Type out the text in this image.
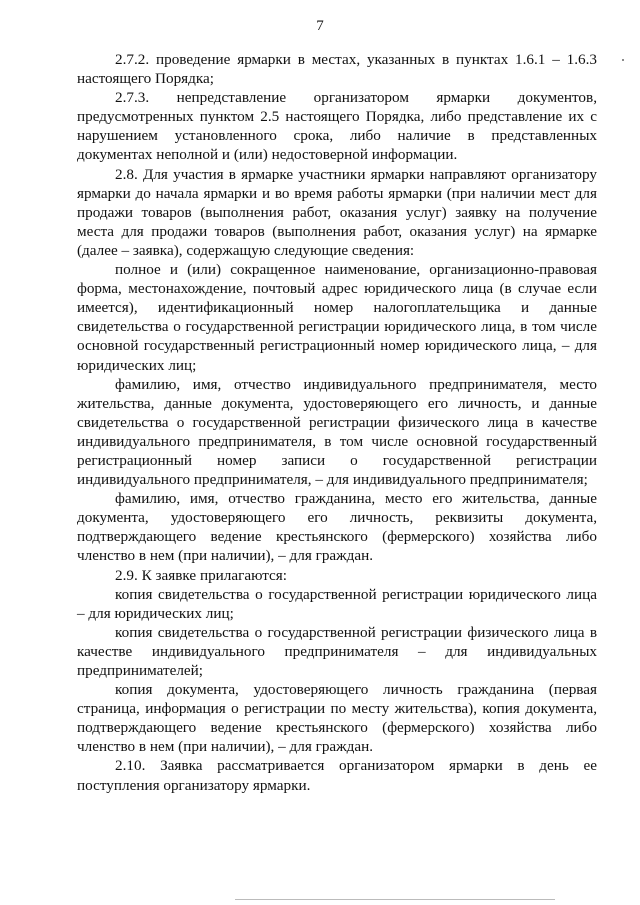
7

2.7.2. проведение ярмарки в местах, указанных в пунктах 1.6.1 – 1.6.3 настоящего Порядка;

2.7.3. непредставление организатором ярмарки документов, предусмотренных пунктом 2.5 настоящего Порядка, либо представление их с нарушением установленного срока, либо наличие в представленных документах неполной и (или) недостоверной информации.

2.8. Для участия в ярмарке участники ярмарки направляют организатору ярмарки до начала ярмарки и во время работы ярмарки (при наличии мест для продажи товаров (выполнения работ, оказания услуг) заявку на получение места для продажи товаров (выполнения работ, оказания услуг) на ярмарке (далее – заявка), содержащую следующие сведения:

полное и (или) сокращенное наименование, организационно-правовая форма, местонахождение, почтовый адрес юридического лица (в случае если имеется), идентификационный номер налогоплательщика и данные свидетельства о государственной регистрации юридического лица, в том числе основной государственный регистрационный номер юридического лица, – для юридических лиц;

фамилию, имя, отчество индивидуального предпринимателя, место жительства, данные документа, удостоверяющего его личность, и данные свидетельства о государственной регистрации физического лица в качестве индивидуального предпринимателя, в том числе основной государственный регистрационный номер записи о государственной регистрации индивидуального предпринимателя, – для индивидуального предпринимателя;

фамилию, имя, отчество гражданина, место его жительства, данные документа, удостоверяющего его личность, реквизиты документа, подтверждающего ведение крестьянского (фермерского) хозяйства либо членство в нем (при наличии), – для граждан.

2.9. К заявке прилагаются:

копия свидетельства о государственной регистрации юридического лица – для юридических лиц;

копия свидетельства о государственной регистрации физического лица в качестве индивидуального предпринимателя – для индивидуальных предпринимателей;

копия документа, удостоверяющего личность гражданина (первая страница, информация о регистрации по месту жительства), копия документа, подтверждающего ведение крестьянского (фермерского) хозяйства либо членство в нем (при наличии), – для граждан.

2.10. Заявка рассматривается организатором ярмарки в день ее поступления организатору ярмарки.
